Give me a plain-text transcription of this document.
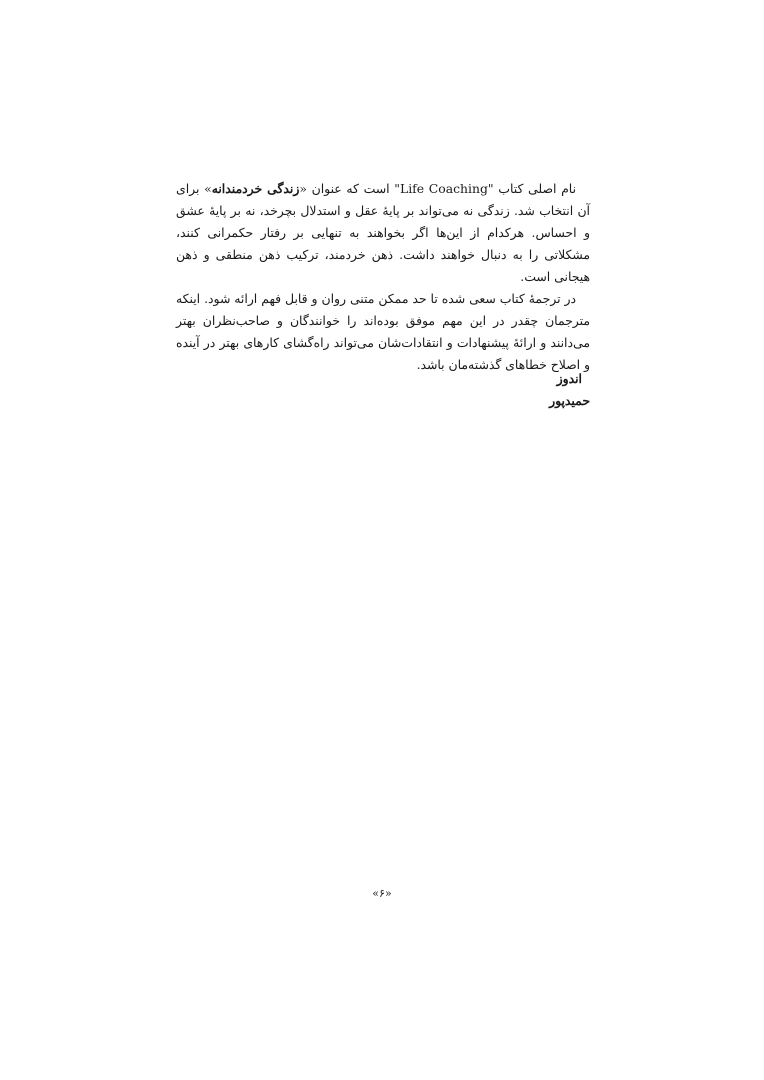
نام اصلی کتاب "Life Coaching" است که عنوان «زندگی خردمندانه» برای آن انتخاب شد. زندگی نه می‌تواند بر پایهٔ عقل و استدلال بچرخد، نه بر پایهٔ عشق و احساس. هرکدام از این‌ها اگر بخواهند به تنهایی بر رفتار حکمرانی کنند، مشکلاتی را به دنبال خواهند داشت. ذهن خردمند، ترکیب ذهن منطقی و ذهن هیجانی است.

در ترجمهٔ کتاب سعی شده تا حد ممکن متنی روان و قابل فهم ارائه شود. اینکه مترجمان چقدر در این مهم موفق بوده‌اند را خوانندگان و صاحب‌نظران بهتر می‌دانند و ارائهٔ پیشنهادات و انتقادات‌شان می‌تواند راه‌گشای کارهای بهتر در آینده و اصلاح خطاهای گذشته‌مان باشد.

اندوز
حمیدپور
«۶»
